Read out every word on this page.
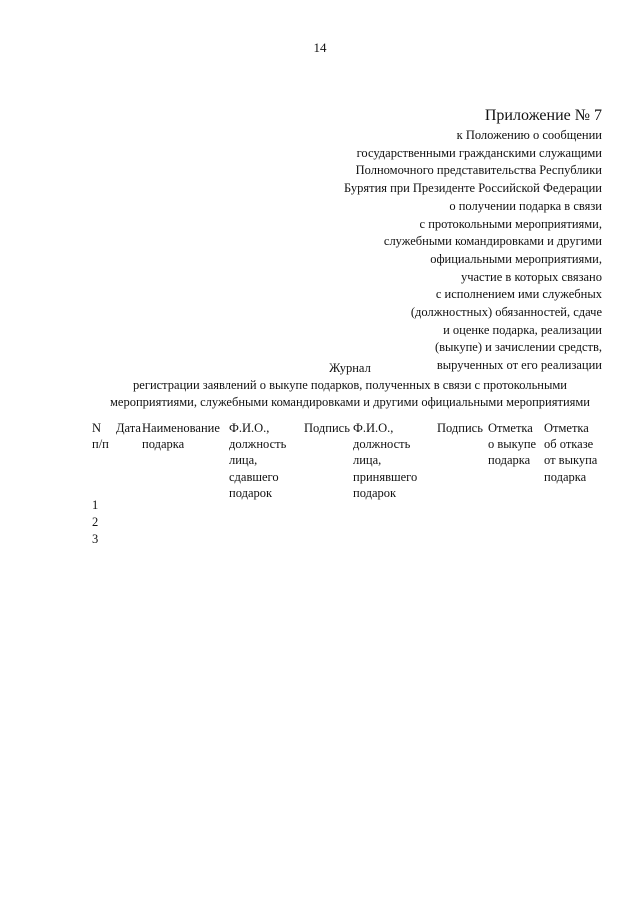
14
Приложение № 7
к Положению о сообщении
государственными гражданскими служащими
Полномочного представительства Республики
Бурятия при Президенте Российской Федерации
о получении подарка в связи
с протокольными мероприятиями,
служебными командировками и другими
официальными мероприятиями,
участие в которых связано
с исполнением ими служебных
(должностных) обязанностей, сдаче
и оценке подарка, реализации
(выкупе) и зачислении средств,
вырученных от его реализации
Журнал
регистрации заявлений о выкупе подарков, полученных в связи с протокольными
мероприятиями, служебными командировками и другими официальными мероприятиями
N
п/п
Дата Наименование
подарка
Ф.И.О.,
должность
лица,
сдавшего
подарок
Подпись Ф.И.О.,
должность
лица,
принявшего
подарок
Подпись Отметка
о выкупе
подарка
Отметка
об отказе
от выкупа
подарка
1
2
3
